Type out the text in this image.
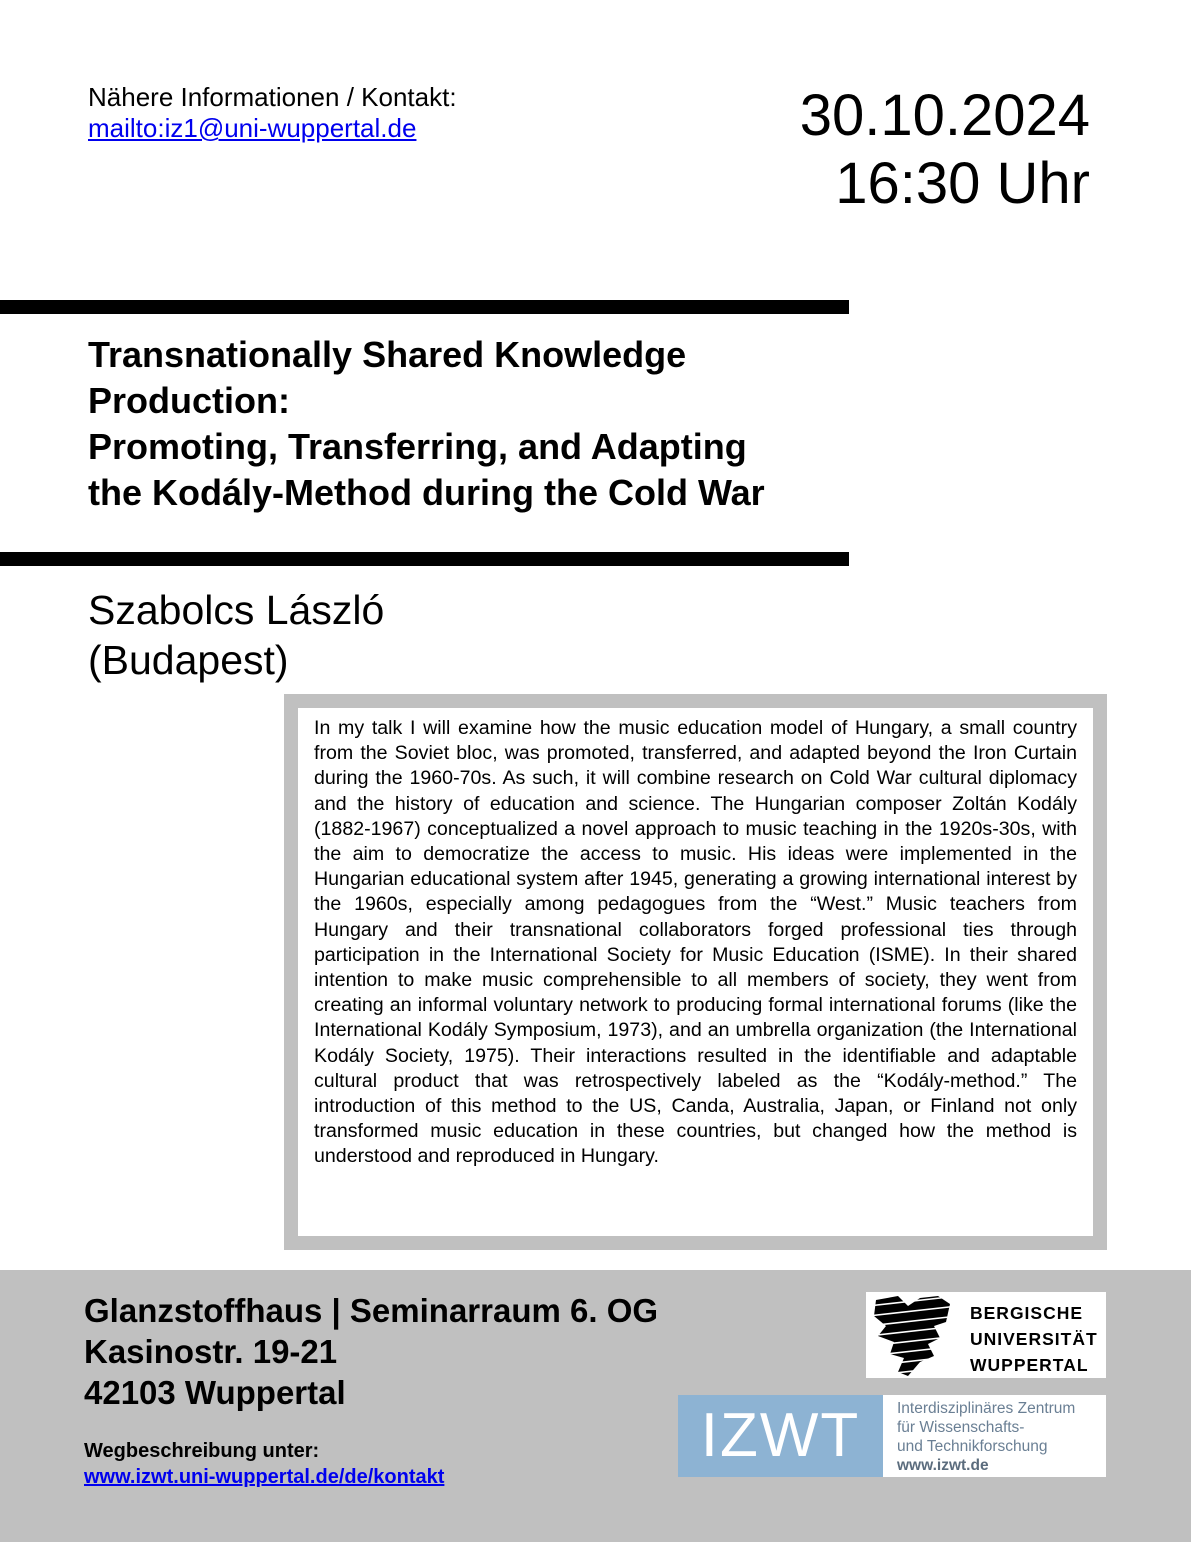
Nähere Informationen / Kontakt:
mailto:iz1@uni-wuppertal.de	30.10.2024
16:30 Uhr
Transnationally Shared Knowledge
Production:
Promoting, Transferring, and Adapting
the Kodály-Method during the Cold War
Szabolcs László
(Budapest)
In my talk I will examine how the music education model of Hungary, a small country from the Soviet bloc, was promoted, transferred, and adapted beyond the Iron Curtain during the 1960-70s. As such, it will combine research on Cold War cultural diplomacy and the history of education and science. The Hungarian composer Zoltán Kodály (1882-1967) conceptualized a novel approach to music teaching in the 1920s-30s, with the aim to democratize the access to music. His ideas were implemented in the Hungarian educational system after 1945, generating a growing international interest by the 1960s, especially among pedagogues from the “West.” Music teachers from Hungary and their transnational collaborators forged professional ties through participation in the International Society for Music Education (ISME). In their shared intention to make music comprehensible to all members of society, they went from creating an informal voluntary network to producing formal international forums (like the International Kodály Symposium, 1973), and an umbrella organization (the International Kodály Society, 1975). Their interactions resulted in the identifiable and adaptable cultural product that was retrospectively labeled as the “Kodály-method.” The introduction of this method to the US, Canda, Australia, Japan, or Finland not only transformed music education in these countries, but changed how the method is understood and reproduced in Hungary.
Glanzstoffhaus | Seminarraum 6. OG
Kasinostr. 19-21
42103 Wuppertal
Wegbeschreibung unter:
www.izwt.uni-wuppertal.de/de/kontakt
BERGISCHE
UNIVERSITÄT
WUPPERTAL
IZWT	Interdisziplinäres Zentrum
für Wissenschafts-
und Technikforschung
www.izwt.de
